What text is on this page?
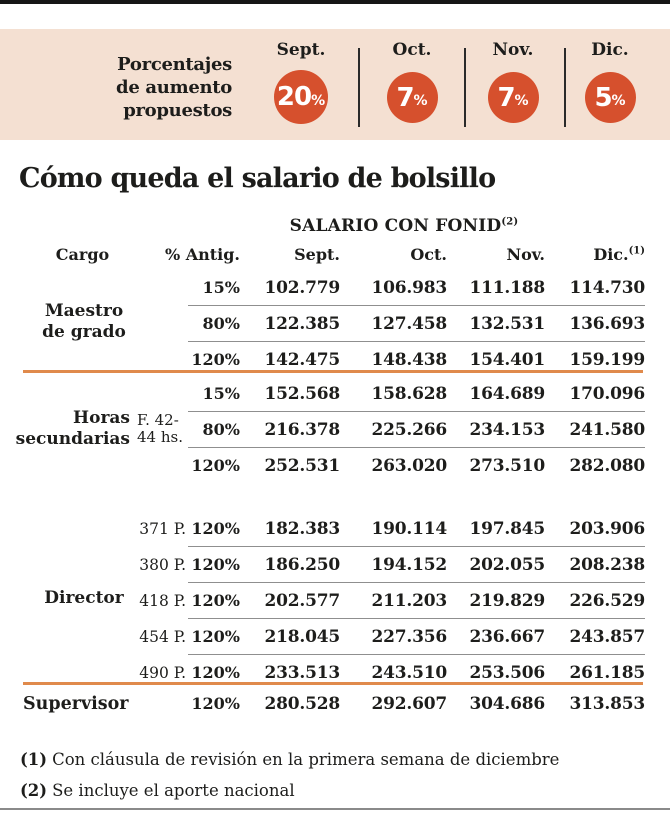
Porcentajes
de aumento
propuestos
Sept.
20 %
Oct.
7 %
Nov.
7 %
Dic.
5 %
Cómo queda el salario de bolsillo
SALARIO CON FONID$^{(2)}$
Cargo	% Antig.	Sept.	Oct.	Nov.	Dic.$^{(1)}$
Maestro
de grado
15%	102.779	106.983	111.188	114.730
80%	122.385	127.458	132.531	136.693
120%	142.475	148.438	154.401	159.199
Horas
secundarias
F. 42-
44 hs.
15%	152.568	158.628	164.689	170.096
80%	216.378	225.266	234.153	241.580
120%	252.531	263.020	273.510	282.080
Director
371 P. 120%	182.383	190.114	197.845	203.906
380 P. 120%	186.250	194.152	202.055	208.238
418 P. 120%	202.577	211.203	219.829	226.529
454 P. 120%	218.045	227.356	236.667	243.857
490 P. 120%	233.513	243.510	253.506	261.185
Supervisor	120%	280.528	292.607	304.686	313.853
(1) Con cláusula de revisión en la primera semana de diciembre
(2) Se incluye el aporte nacional
